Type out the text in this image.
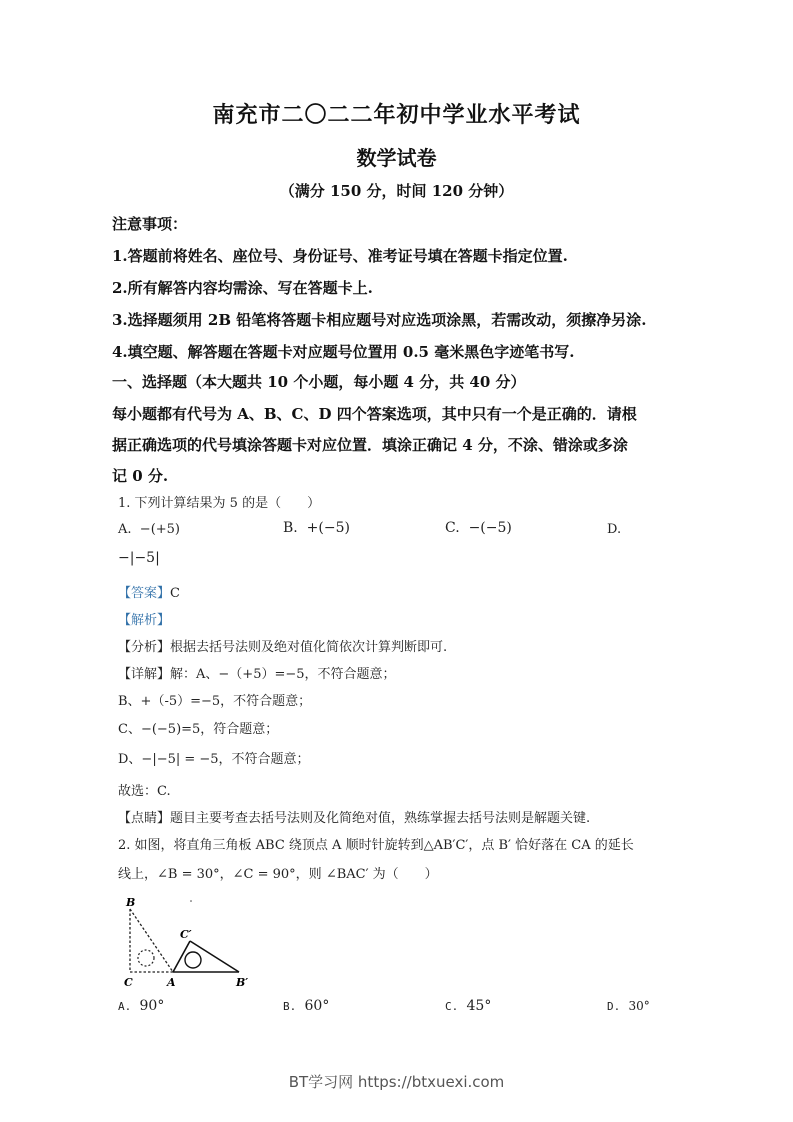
南充市二〇二二年初中学业水平考试
数学试卷
（满分 150 分，时间 120 分钟）
注意事项：
1.答题前将姓名、座位号、身份证号、准考证号填在答题卡指定位置.
2.所有解答内容均需涂、写在答题卡上.
3.选择题须用 2B 铅笔将答题卡相应题号对应选项涂黑，若需改动，须擦净另涂.
4.填空题、解答题在答题卡对应题号位置用 0.5 毫米黑色字迹笔书写.
一、选择题（本大题共 10 个小题，每小题 4 分，共 40 分）
每小题都有代号为 A、B、C、D 四个答案选项，其中只有一个是正确的．请根
据正确选项的代号填涂答题卡对应位置．填涂正确记 4 分，不涂、错涂或多涂
记 0 分.
1. 下列计算结果为 5 的是（　　）
A. −(+5)	B. +(−5)	C. −(−5)	D.
−|−5|
【答案】C
【解析】
【分析】根据去括号法则及绝对值化简依次计算判断即可.
【详解】解：A、−（+5）=−5，不符合题意；
B、+（-5）=−5，不符合题意；
C、−(−5)=5，符合题意；
D、−|−5| = −5，不符合题意；
故选：C.
【点睛】题目主要考查去括号法则及化简绝对值，熟练掌握去括号法则是解题关键.
2. 如图，将直角三角板 ABC 绕顶点 A 顺时针旋转到△AB′C′，点 B′ 恰好落在 CA 的延长
线上，∠B = 30°，∠C = 90°，则 ∠BAC′ 为（　　）
B
C	A
C′
B′
A. 90°	B. 60°	C. 45°	D. 30°
BT学习网 https://btxuexi.com
